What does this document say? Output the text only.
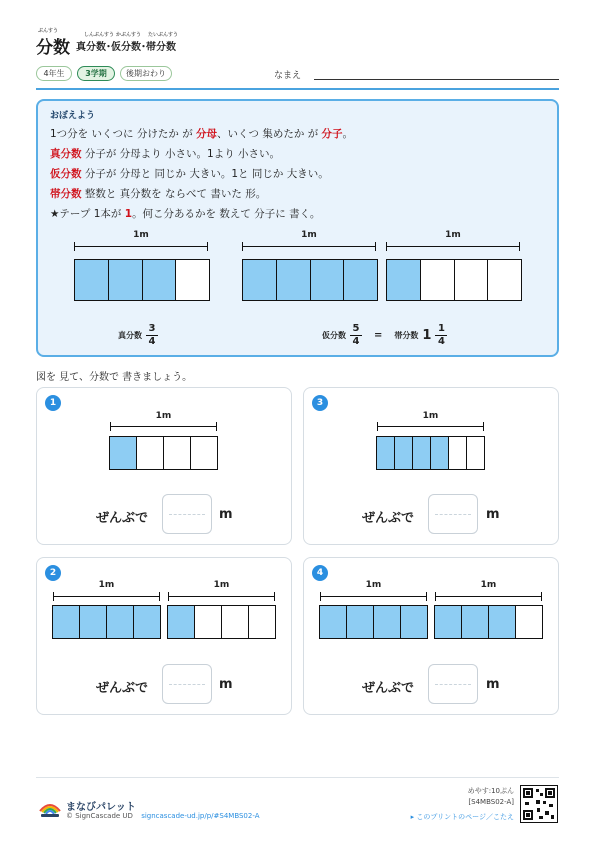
ぶんすう
分数
しんぶんすう かぶんすう たいぶんすう
真分数･仮分数･帯分数
4年生	3学期	後期おわり	なまえ
おぼえよう
1つ分を いくつに 分けたか が 分母、いくつ 集めたか が 分子。
真分数 分子が 分母より 小さい。1より 小さい。
仮分数 分子が 分母と 同じか 大きい。1と 同じか 大きい。
帯分数 整数と 真分数を ならべて 書いた 形。
★テープ 1本が 1。何こ分あるかを 数えて 分子に 書く。
1m	1m	1m
真分数 $\frac{3}{4}$	仮分数 $\frac{5}{4}$ = 帯分数 $1 \frac{1}{4}$
図を 見て、分数で 書きましょう。
1
1m
ぜんぶで	m
3
1m
ぜんぶで	m
2
1m	1m
ぜんぶで	m
4
1m	1m
ぜんぶで	m
まなびパレット
© SignCascade UD signcascade-ud.jp/p/#S4MBS02-A
めやす:10ぷん
[S4MBS02-A]
▸ このプリントのページ／こたえ
